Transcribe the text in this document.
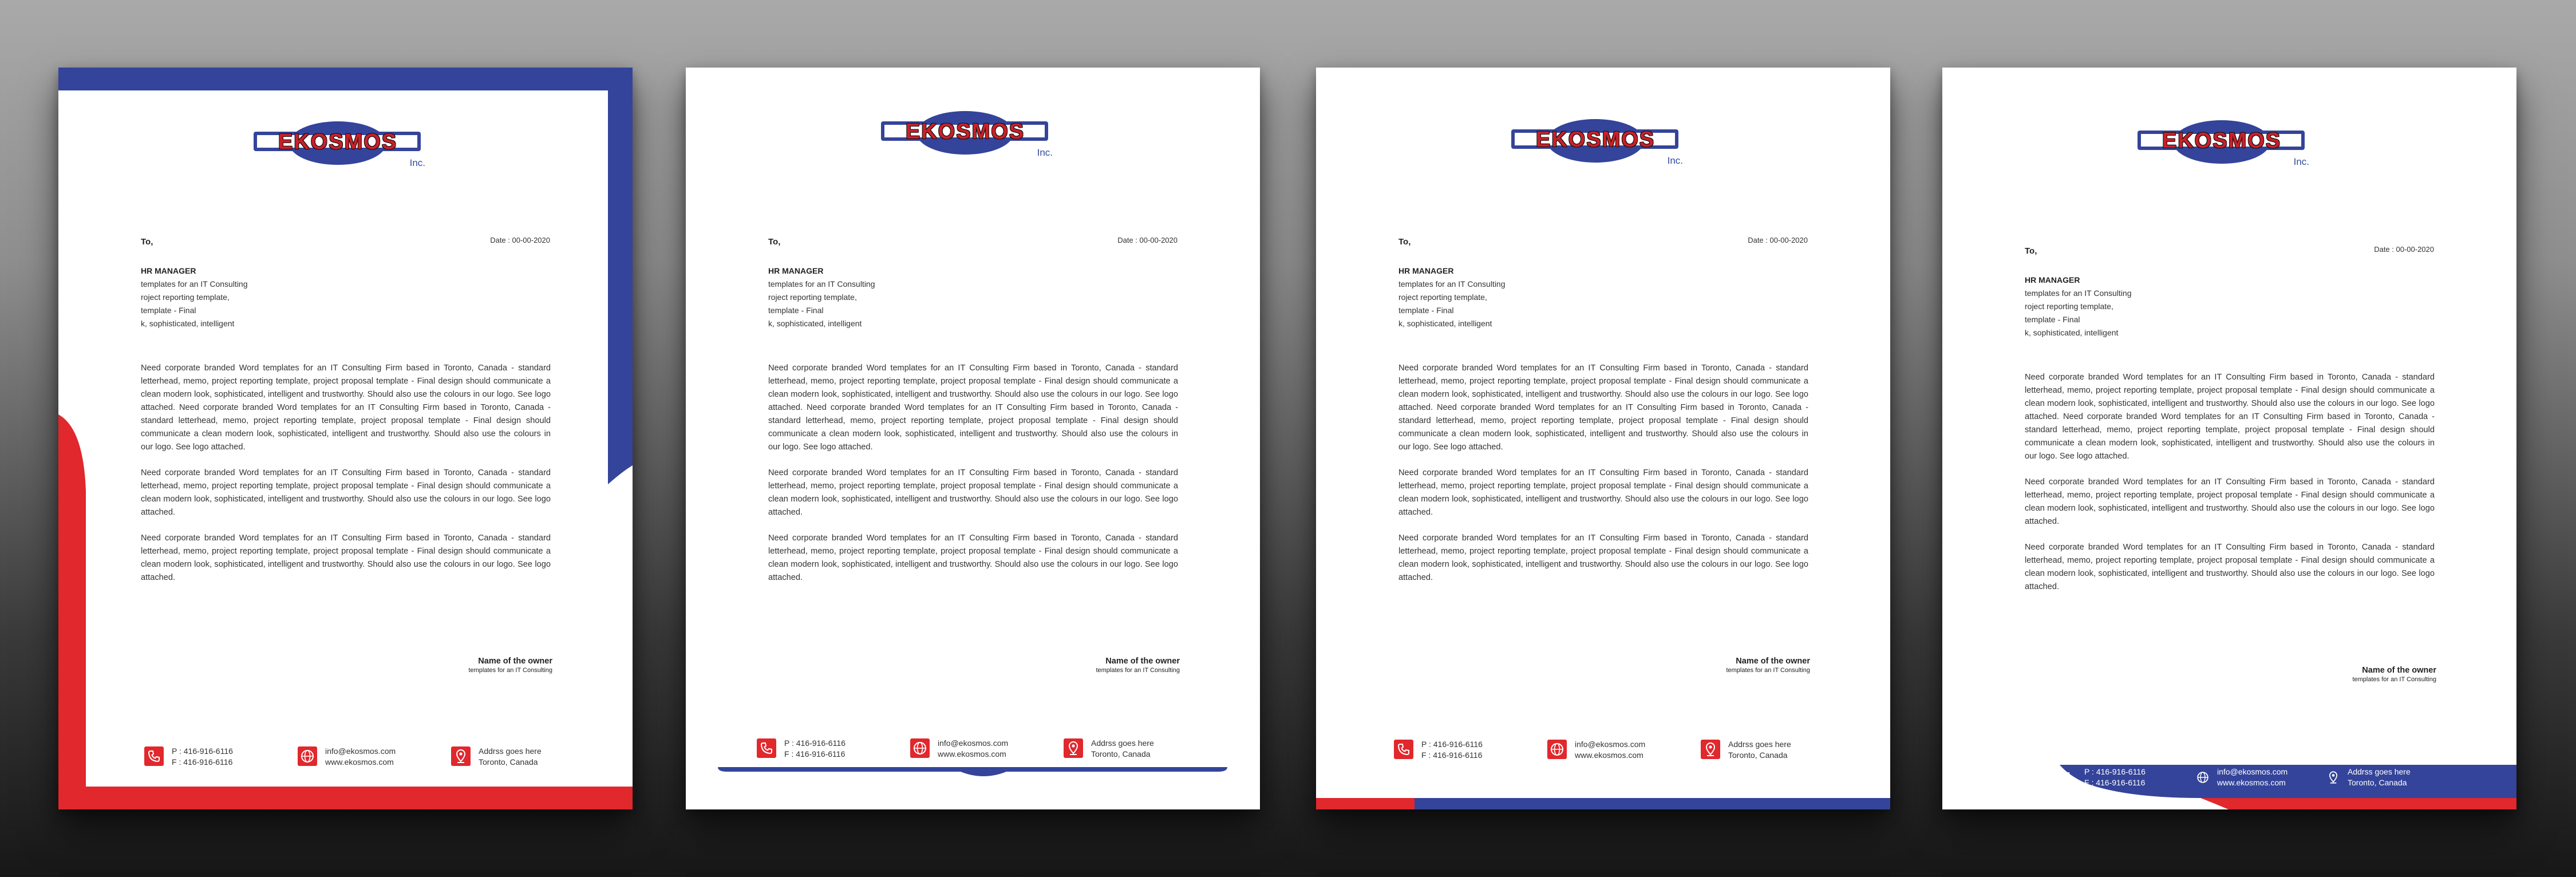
EKOSMOS
Inc.
To,	Date : 00-00-2020
HR MANAGER
templates for an IT Consulting
roject reporting template,
template - Final
k, sophisticated, intelligent

Need corporate branded Word templates for an IT Consulting Firm based in Toronto, Canada - standard letterhead, memo, project reporting template, project proposal template - Final design should communicate a clean modern look, sophisticated, intelligent and trustworthy. Should also use the colours in our logo. See logo attached. Need corporate branded Word templates for an IT Consulting Firm based in Toronto, Canada - standard letterhead, memo, project reporting template, project proposal template - Final design should communicate a clean modern look, sophisticated, intelligent and trustworthy. Should also use the colours in our logo. See logo attached.

Need corporate branded Word templates for an IT Consulting Firm based in Toronto, Canada - standard letterhead, memo, project reporting template, project proposal template - Final design should communicate a clean modern look, sophisticated, intelligent and trustworthy. Should also use the colours in our logo. See logo attached.

Need corporate branded Word templates for an IT Consulting Firm based in Toronto, Canada - standard letterhead, memo, project reporting template, project proposal template - Final design should communicate a clean modern look, sophisticated, intelligent and trustworthy. Should also use the colours in our logo. See logo attached.

Name of the owner
templates for an IT Consulting
P : 416-916-6116
F : 416-916-6116
info@ekosmos.com
www.ekosmos.com
Addrss goes here
Toronto, Canada
EKOSMOS
Inc.
To,	Date : 00-00-2020
HR MANAGER
templates for an IT Consulting
roject reporting template,
template - Final
k, sophisticated, intelligent

Need corporate branded Word templates for an IT Consulting Firm based in Toronto, Canada - standard letterhead, memo, project reporting template, project proposal template - Final design should communicate a clean modern look, sophisticated, intelligent and trustworthy. Should also use the colours in our logo. See logo attached. Need corporate branded Word templates for an IT Consulting Firm based in Toronto, Canada - standard letterhead, memo, project reporting template, project proposal template - Final design should communicate a clean modern look, sophisticated, intelligent and trustworthy. Should also use the colours in our logo. See logo attached.

Need corporate branded Word templates for an IT Consulting Firm based in Toronto, Canada - standard letterhead, memo, project reporting template, project proposal template - Final design should communicate a clean modern look, sophisticated, intelligent and trustworthy. Should also use the colours in our logo. See logo attached.

Need corporate branded Word templates for an IT Consulting Firm based in Toronto, Canada - standard letterhead, memo, project reporting template, project proposal template - Final design should communicate a clean modern look, sophisticated, intelligent and trustworthy. Should also use the colours in our logo. See logo attached.

Name of the owner
templates for an IT Consulting
P : 416-916-6116
F : 416-916-6116
info@ekosmos.com
www.ekosmos.com
Addrss goes here
Toronto, Canada
EKOSMOS
Inc.
To,	Date : 00-00-2020
HR MANAGER
templates for an IT Consulting
roject reporting template,
template - Final
k, sophisticated, intelligent

Need corporate branded Word templates for an IT Consulting Firm based in Toronto, Canada - standard letterhead, memo, project reporting template, project proposal template - Final design should communicate a clean modern look, sophisticated, intelligent and trustworthy. Should also use the colours in our logo. See logo attached. Need corporate branded Word templates for an IT Consulting Firm based in Toronto, Canada - standard letterhead, memo, project reporting template, project proposal template - Final design should communicate a clean modern look, sophisticated, intelligent and trustworthy. Should also use the colours in our logo. See logo attached.

Need corporate branded Word templates for an IT Consulting Firm based in Toronto, Canada - standard letterhead, memo, project reporting template, project proposal template - Final design should communicate a clean modern look, sophisticated, intelligent and trustworthy. Should also use the colours in our logo. See logo attached.

Need corporate branded Word templates for an IT Consulting Firm based in Toronto, Canada - standard letterhead, memo, project reporting template, project proposal template - Final design should communicate a clean modern look, sophisticated, intelligent and trustworthy. Should also use the colours in our logo. See logo attached.

Name of the owner
templates for an IT Consulting
P : 416-916-6116
F : 416-916-6116
info@ekosmos.com
www.ekosmos.com
Addrss goes here
Toronto, Canada
EKOSMOS
Inc.
To,	Date : 00-00-2020
HR MANAGER
templates for an IT Consulting
roject reporting template,
template - Final
k, sophisticated, intelligent

Need corporate branded Word templates for an IT Consulting Firm based in Toronto, Canada - standard letterhead, memo, project reporting template, project proposal template - Final design should communicate a clean modern look, sophisticated, intelligent and trustworthy. Should also use the colours in our logo. See logo attached. Need corporate branded Word templates for an IT Consulting Firm based in Toronto, Canada - standard letterhead, memo, project reporting template, project proposal template - Final design should communicate a clean modern look, sophisticated, intelligent and trustworthy. Should also use the colours in our logo. See logo attached.

Need corporate branded Word templates for an IT Consulting Firm based in Toronto, Canada - standard letterhead, memo, project reporting template, project proposal template - Final design should communicate a clean modern look, sophisticated, intelligent and trustworthy. Should also use the colours in our logo. See logo attached.

Need corporate branded Word templates for an IT Consulting Firm based in Toronto, Canada - standard letterhead, memo, project reporting template, project proposal template - Final design should communicate a clean modern look, sophisticated, intelligent and trustworthy. Should also use the colours in our logo. See logo attached.

Name of the owner
templates for an IT Consulting
P : 416-916-6116
F : 416-916-6116
info@ekosmos.com
www.ekosmos.com
Addrss goes here
Toronto, Canada
